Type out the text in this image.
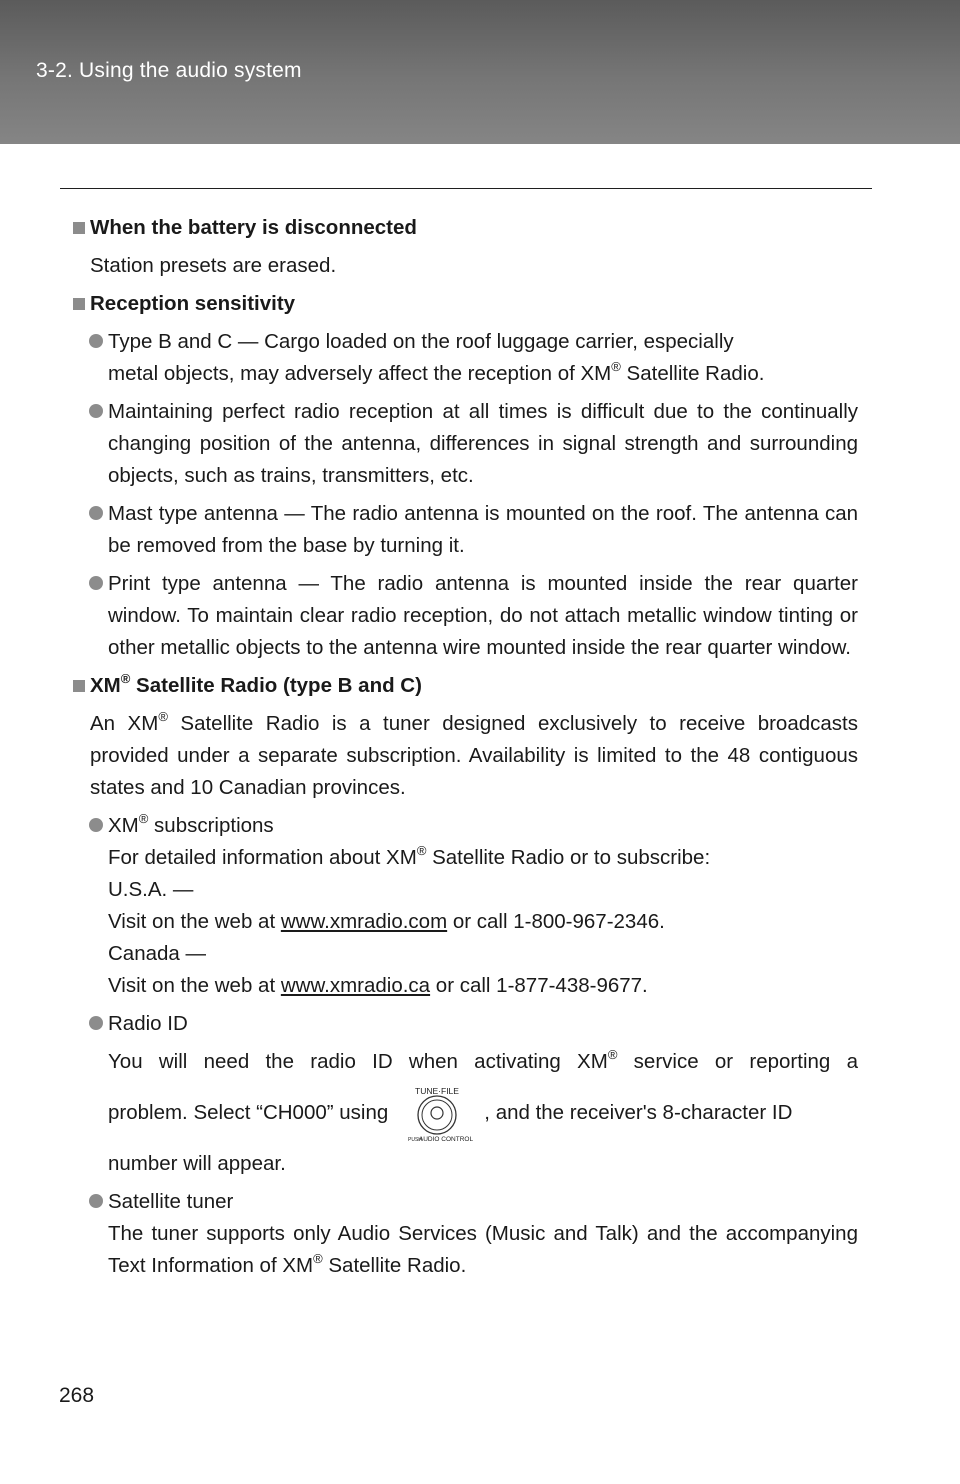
3-2. Using the audio system
When the battery is disconnected
Station presets are erased.
Reception sensitivity
Type B and C — Cargo loaded on the roof luggage carrier, especially
metal objects, may adversely affect the reception of XM® Satellite Radio.
Maintaining perfect radio reception at all times is difficult due to the continually changing position of the antenna, differences in signal strength and surrounding objects, such as trains, transmitters, etc.
Mast type antenna — The radio antenna is mounted on the roof. The antenna can be removed from the base by turning it.
Print type antenna — The radio antenna is mounted inside the rear quarter window. To maintain clear radio reception, do not attach metallic window tinting or other metallic objects to the antenna wire mounted inside the rear quarter window.
XM® Satellite Radio (type B and C)
An XM® Satellite Radio is a tuner designed exclusively to receive broadcasts provided under a separate subscription. Availability is limited to the 48 contiguous states and 10 Canadian provinces.
XM® subscriptions
For detailed information about XM® Satellite Radio or to subscribe:
U.S.A. —
Visit on the web at www.xmradio.com or call 1-800-967-2346.
Canada —
Visit on the web at www.xmradio.ca or call 1-877-438-9677.
Radio ID
You will need the radio ID when activating XM® service or reporting a
problem. Select “CH000” using
TUNE·FILE
PUSH
AUDIO CONTROL
, and the receiver's 8-character ID
number will appear.
Satellite tuner
The tuner supports only Audio Services (Music and Talk) and the accompanying Text Information of XM® Satellite Radio.
268
